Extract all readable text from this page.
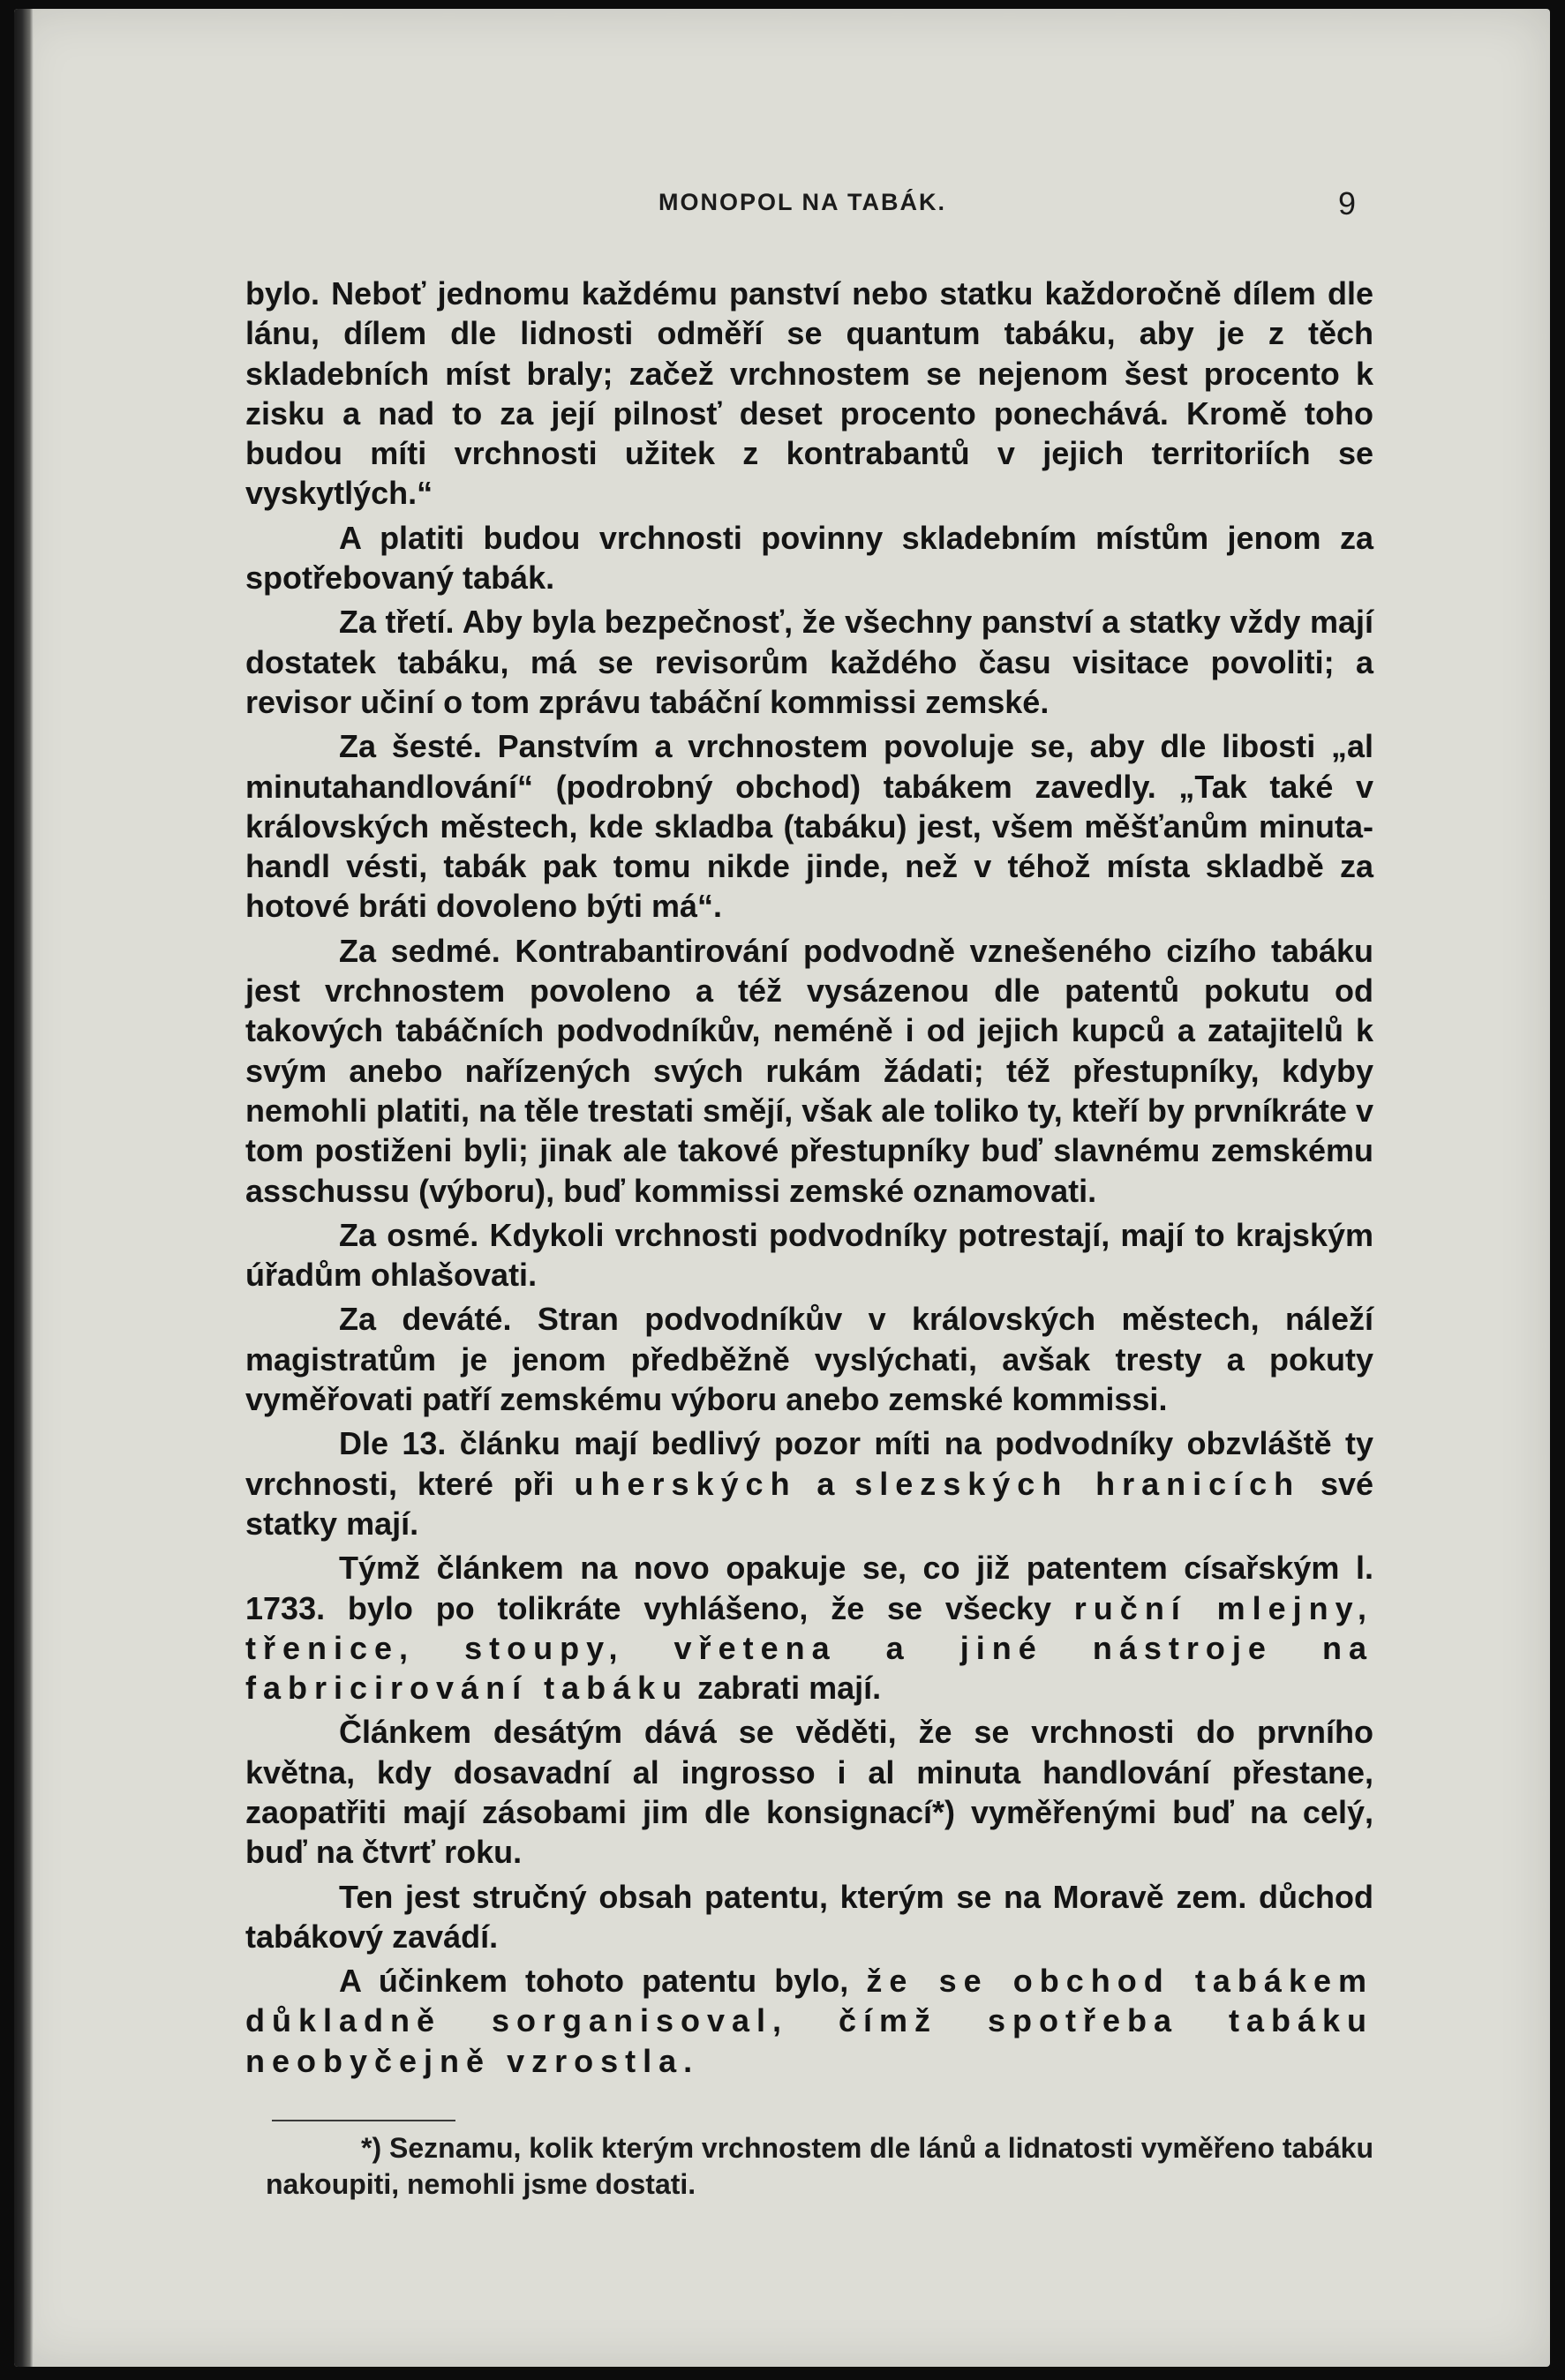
MONOPOL NA TABÁK.	9

bylo. Neboť jednomu každému panství nebo statku každoročně dílem dle lánu, dílem dle lidnosti odměří se quantum tabáku, aby je z těch skladebních míst braly; začež vrchnostem se nejenom šest procento k zisku a nad to za její pilnosť deset procento ponechává. Kromě toho budou míti vrchnosti užitek z kontrabantů v jejich territoriích se vyskytlých.“

A platiti budou vrchnosti povinny skladebním místům jenom za spotřebovaný tabák.

Za třetí. Aby byla bezpečnosť, že všechny panství a statky vždy mají dostatek tabáku, má se revisorům každého času visitace povoliti; a revisor učiní o tom zprávu tabáční kommissi zemské.

Za šesté. Panstvím a vrchnostem povoluje se, aby dle libosti „al minutahandlování“ (podrobný obchod) tabákem zavedly. „Tak také v královských městech, kde skladba (tabáku) jest, všem měšťanům minuta-handl vésti, tabák pak tomu nikde jinde, než v téhož místa skladbě za hotové bráti dovoleno býti má“.

Za sedmé. Kontrabantirování podvodně vznešeného cizího tabáku jest vrchnostem povoleno a též vysázenou dle patentů pokutu od takových tabáčních podvodníkův, neméně i od jejich kupců a zatajitelů k svým anebo nařízených svých rukám žádati; též přestupníky, kdyby nemohli platiti, na těle trestati smějí, však ale toliko ty, kteří by prvníkráte v tom postiženi byli; jinak ale takové přestupníky buď slavnému zemskému asschussu (výboru), buď kommissi zemské oznamovati.

Za osmé. Kdykoli vrchnosti podvodníky potrestají, mají to krajským úřadům ohlašovati.

Za deváté. Stran podvodníkův v královských městech, náleží magistratům je jenom předběžně vyslýchati, avšak tresty a pokuty vyměřovati patří zemskému výboru anebo zemské kommissi.

Dle 13. článku mají bedlivý pozor míti na podvodníky obzvláště ty vrchnosti, které při uherských a slezských hranicích své statky mají.

Týmž článkem na novo opakuje se, co již patentem císařským l. 1733. bylo po tolikráte vyhlášeno, že se všecky ruční mlejny, třenice, stoupy, vřetena a jiné nástroje na fabricirování tabáku zabrati mají.

Článkem desátým dává se věděti, že se vrchnosti do prvního května, kdy dosavadní al ingrosso i al minuta handlování přestane, zaopatřiti mají zásobami jim dle konsignací*) vyměřenými buď na celý, buď na čtvrť roku.

Ten jest stručný obsah patentu, kterým se na Moravě zem. důchod tabákový zavádí.

A účinkem tohoto patentu bylo, že se obchod tabákem důkladně sorganisoval, čímž spotřeba tabáku neobyčejně vzrostla.

*) Seznamu, kolik kterým vrchnostem dle lánů a lidnatosti vyměřeno tabáku nakoupiti, nemohli jsme dostati.
